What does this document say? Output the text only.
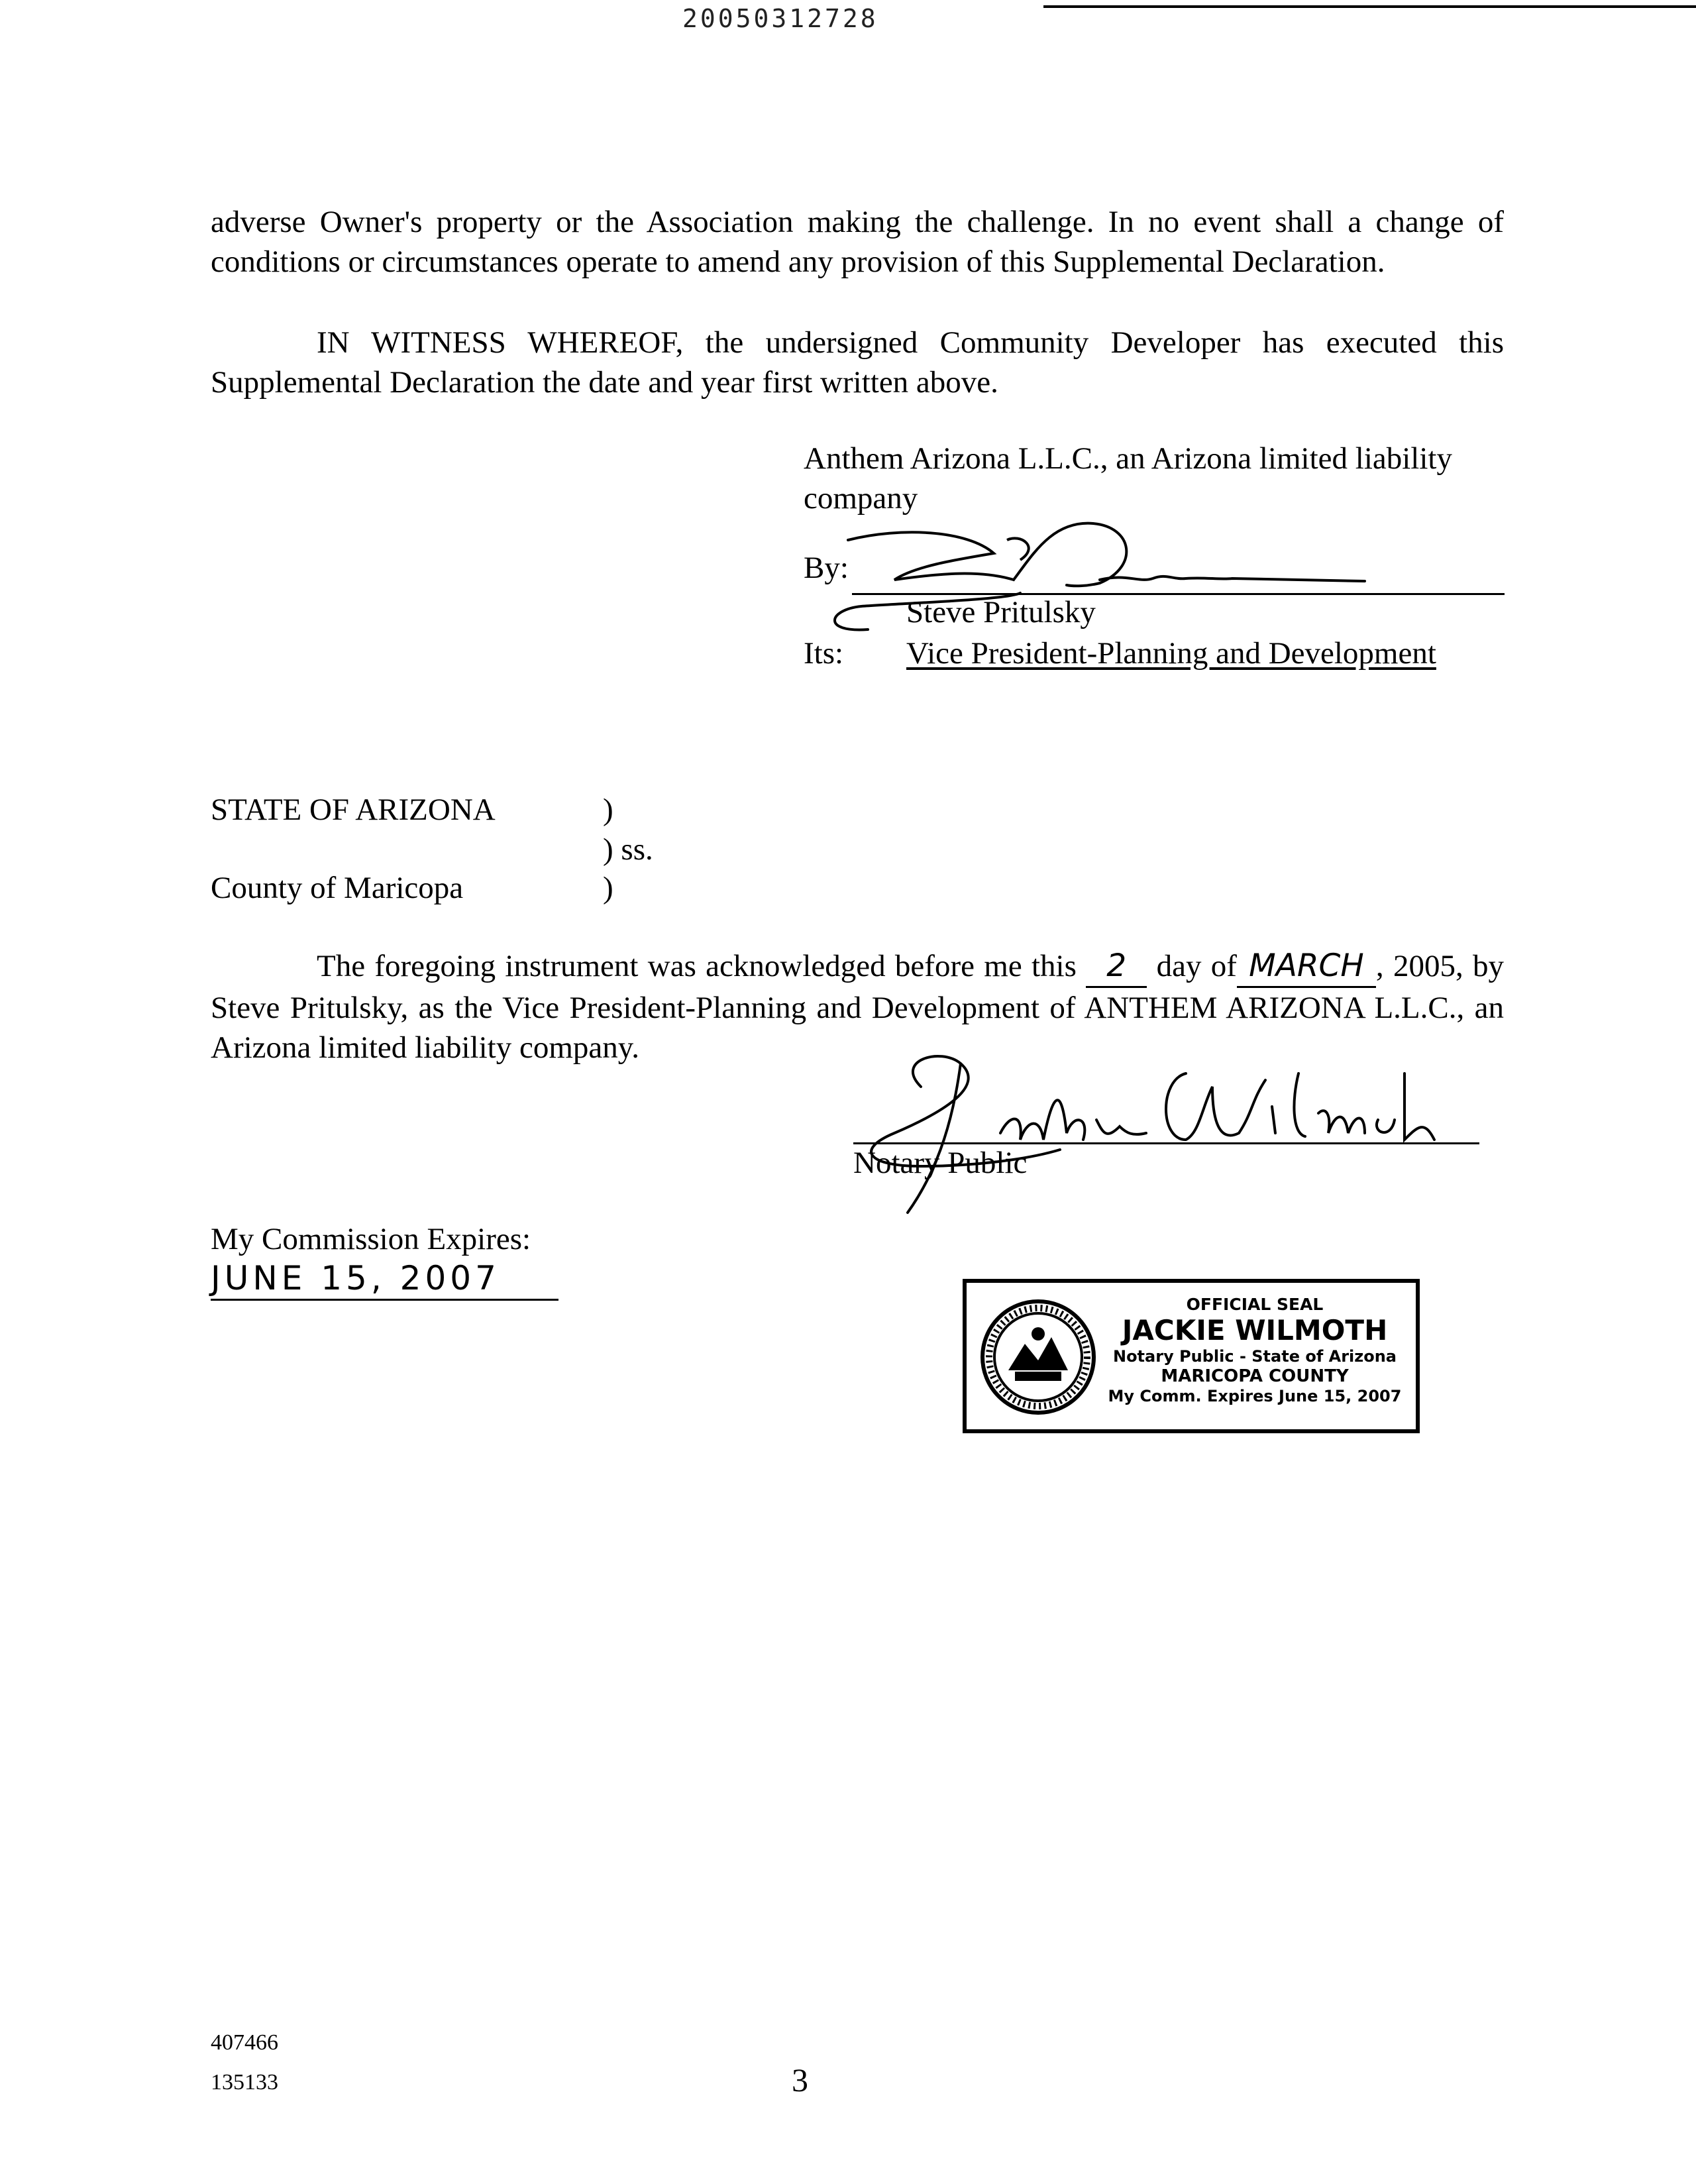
20050312728
adverse Owner's property or the Association making the challenge. In no event shall a change of conditions or circumstances operate to amend any provision of this Supplemental Declaration.
IN WITNESS WHEREOF, the undersigned Community Developer has executed this Supplemental Declaration the date and year first written above.
Anthem Arizona L.L.C., an Arizona limited liability company
By:
Steve Pritulsky
Its:	Vice President-Planning and Development
STATE OF ARIZONA	)
) ss.
County of Maricopa	)
The foregoing instrument was acknowledged before me this 2 day of MARCH , 2005, by Steve Pritulsky, as the Vice President-Planning and Development of ANTHEM ARIZONA L.L.C., an Arizona limited liability company.
Notary Public
My Commission Expires:
JUNE 15, 2007
OFFICIAL SEAL
JACKIE WILMOTH
Notary Public - State of Arizona
MARICOPA COUNTY
My Comm. Expires June 15, 2007
407466
135133	3
